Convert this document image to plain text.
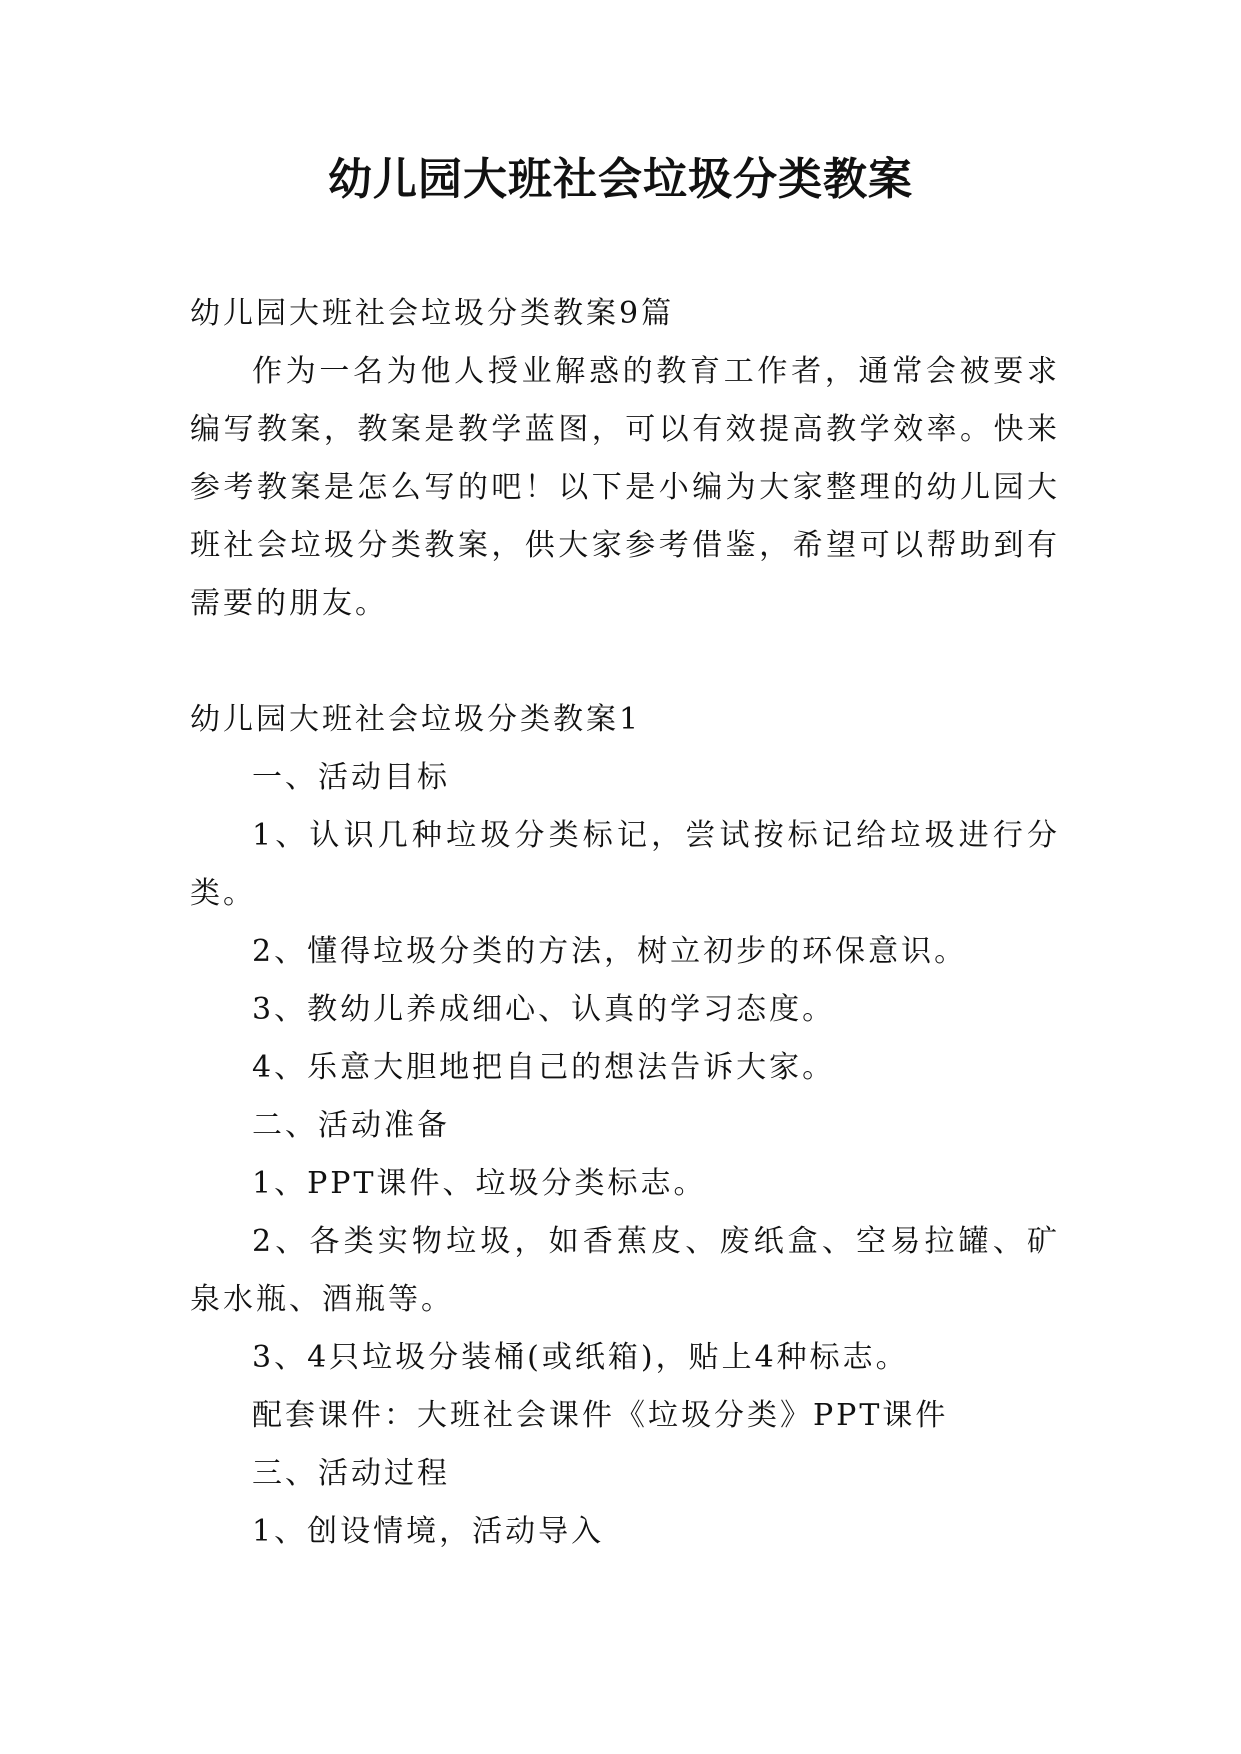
幼儿园大班社会垃圾分类教案

幼儿园大班社会垃圾分类教案9篇

作为一名为他人授业解惑的教育工作者，通常会被要求编写教案，教案是教学蓝图，可以有效提高教学效率。快来参考教案是怎么写的吧！以下是小编为大家整理的幼儿园大班社会垃圾分类教案，供大家参考借鉴，希望可以帮助到有需要的朋友。

幼儿园大班社会垃圾分类教案1

一、活动目标

1、认识几种垃圾分类标记，尝试按标记给垃圾进行分类。

2、懂得垃圾分类的方法，树立初步的环保意识。

3、教幼儿养成细心、认真的学习态度。

4、乐意大胆地把自己的想法告诉大家。

二、活动准备

1、PPT课件、垃圾分类标志。

2、各类实物垃圾，如香蕉皮、废纸盒、空易拉罐、矿泉水瓶、酒瓶等。

3、4只垃圾分装桶(或纸箱)，贴上4种标志。

配套课件：大班社会课件《垃圾分类》PPT课件

三、活动过程

1、创设情境，活动导入
